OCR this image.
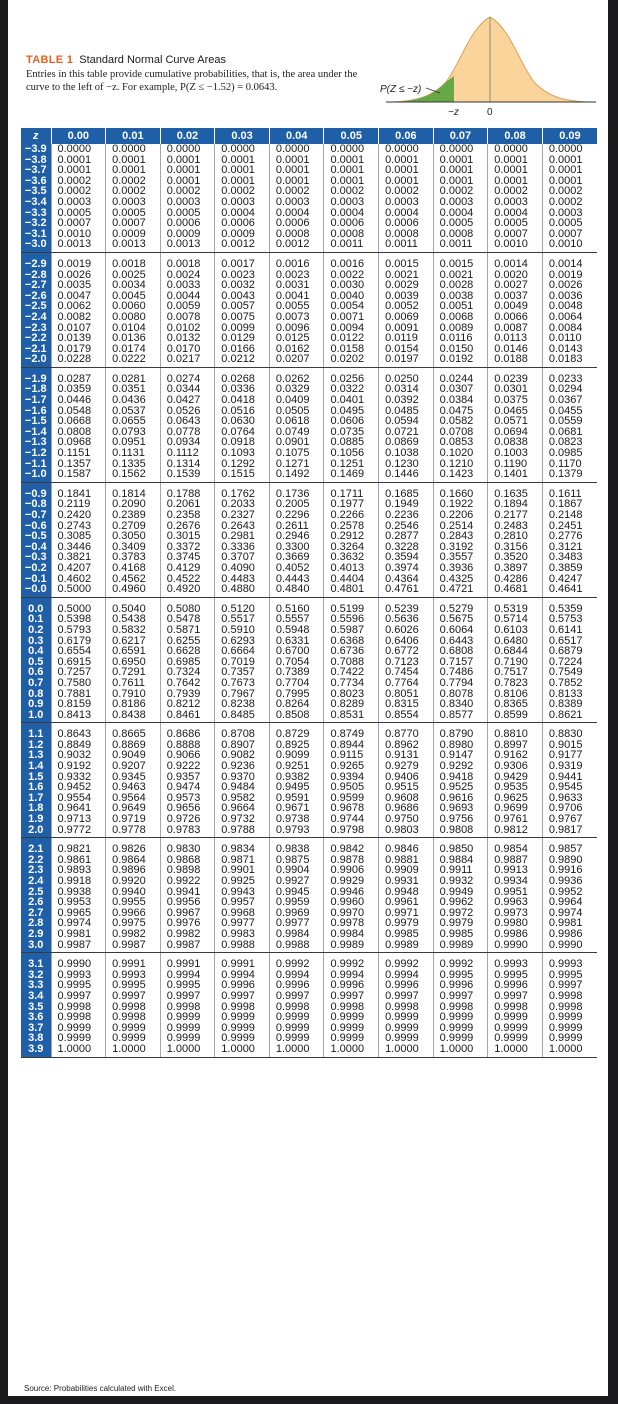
TABLE 1 Standard Normal Curve Areas
Entries in this table provide cumulative probabilities, that is, the area under the curve to the left of −z. For example, P(Z ≤ −1.52) = 0.0643.	P(Z ≤ −z)
−z	0
z	0.00	0.01	0.02	0.03	0.04	0.05	0.06	0.07	0.08	0.09
−3.9	0.0000	0.0000	0.0000	0.0000	0.0000	0.0000	0.0000	0.0000	0.0000	0.0000
−3.8	0.0001	0.0001	0.0001	0.0001	0.0001	0.0001	0.0001	0.0001	0.0001	0.0001
−3.7	0.0001	0.0001	0.0001	0.0001	0.0001	0.0001	0.0001	0.0001	0.0001	0.0001
−3.6	0.0002	0.0002	0.0001	0.0001	0.0001	0.0001	0.0001	0.0001	0.0001	0.0001
−3.5	0.0002	0.0002	0.0002	0.0002	0.0002	0.0002	0.0002	0.0002	0.0002	0.0002
−3.4	0.0003	0.0003	0.0003	0.0003	0.0003	0.0003	0.0003	0.0003	0.0003	0.0002
−3.3	0.0005	0.0005	0.0005	0.0004	0.0004	0.0004	0.0004	0.0004	0.0004	0.0003
−3.2	0.0007	0.0007	0.0006	0.0006	0.0006	0.0006	0.0006	0.0005	0.0005	0.0005
−3.1	0.0010	0.0009	0.0009	0.0009	0.0008	0.0008	0.0008	0.0008	0.0007	0.0007
−3.0	0.0013	0.0013	0.0013	0.0012	0.0012	0.0011	0.0011	0.0011	0.0010	0.0010
−2.9	0.0019	0.0018	0.0018	0.0017	0.0016	0.0016	0.0015	0.0015	0.0014	0.0014
−2.8	0.0026	0.0025	0.0024	0.0023	0.0023	0.0022	0.0021	0.0021	0.0020	0.0019
−2.7	0.0035	0.0034	0.0033	0.0032	0.0031	0.0030	0.0029	0.0028	0.0027	0.0026
−2.6	0.0047	0.0045	0.0044	0.0043	0.0041	0.0040	0.0039	0.0038	0.0037	0.0036
−2.5	0.0062	0.0060	0.0059	0.0057	0.0055	0.0054	0.0052	0.0051	0.0049	0.0048
−2.4	0.0082	0.0080	0.0078	0.0075	0.0073	0.0071	0.0069	0.0068	0.0066	0.0064
−2.3	0.0107	0.0104	0.0102	0.0099	0.0096	0.0094	0.0091	0.0089	0.0087	0.0084
−2.2	0.0139	0.0136	0.0132	0.0129	0.0125	0.0122	0.0119	0.0116	0.0113	0.0110
−2.1	0.0179	0.0174	0.0170	0.0166	0.0162	0.0158	0.0154	0.0150	0.0146	0.0143
−2.0	0.0228	0.0222	0.0217	0.0212	0.0207	0.0202	0.0197	0.0192	0.0188	0.0183
−1.9	0.0287	0.0281	0.0274	0.0268	0.0262	0.0256	0.0250	0.0244	0.0239	0.0233
−1.8	0.0359	0.0351	0.0344	0.0336	0.0329	0.0322	0.0314	0.0307	0.0301	0.0294
−1.7	0.0446	0.0436	0.0427	0.0418	0.0409	0.0401	0.0392	0.0384	0.0375	0.0367
−1.6	0.0548	0.0537	0.0526	0.0516	0.0505	0.0495	0.0485	0.0475	0.0465	0.0455
−1.5	0.0668	0.0655	0.0643	0.0630	0.0618	0.0606	0.0594	0.0582	0.0571	0.0559
−1.4	0.0808	0.0793	0.0778	0.0764	0.0749	0.0735	0.0721	0.0708	0.0694	0.0681
−1.3	0.0968	0.0951	0.0934	0.0918	0.0901	0.0885	0.0869	0.0853	0.0838	0.0823
−1.2	0.1151	0.1131	0.1112	0.1093	0.1075	0.1056	0.1038	0.1020	0.1003	0.0985
−1.1	0.1357	0.1335	0.1314	0.1292	0.1271	0.1251	0.1230	0.1210	0.1190	0.1170
−1.0	0.1587	0.1562	0.1539	0.1515	0.1492	0.1469	0.1446	0.1423	0.1401	0.1379
−0.9	0.1841	0.1814	0.1788	0.1762	0.1736	0.1711	0.1685	0.1660	0.1635	0.1611
−0.8	0.2119	0.2090	0.2061	0.2033	0.2005	0.1977	0.1949	0.1922	0.1894	0.1867
−0.7	0.2420	0.2389	0.2358	0.2327	0.2296	0.2266	0.2236	0.2206	0.2177	0.2148
−0.6	0.2743	0.2709	0.2676	0.2643	0.2611	0.2578	0.2546	0.2514	0.2483	0.2451
−0.5	0.3085	0.3050	0.3015	0.2981	0.2946	0.2912	0.2877	0.2843	0.2810	0.2776
−0.4	0.3446	0.3409	0.3372	0.3336	0.3300	0.3264	0.3228	0.3192	0.3156	0.3121
−0.3	0.3821	0.3783	0.3745	0.3707	0.3669	0.3632	0.3594	0.3557	0.3520	0.3483
−0.2	0.4207	0.4168	0.4129	0.4090	0.4052	0.4013	0.3974	0.3936	0.3897	0.3859
−0.1	0.4602	0.4562	0.4522	0.4483	0.4443	0.4404	0.4364	0.4325	0.4286	0.4247
−0.0	0.5000	0.4960	0.4920	0.4880	0.4840	0.4801	0.4761	0.4721	0.4681	0.4641
0.0	0.5000	0.5040	0.5080	0.5120	0.5160	0.5199	0.5239	0.5279	0.5319	0.5359
0.1	0.5398	0.5438	0.5478	0.5517	0.5557	0.5596	0.5636	0.5675	0.5714	0.5753
0.2	0.5793	0.5832	0.5871	0.5910	0.5948	0.5987	0.6026	0.6064	0.6103	0.6141
0.3	0.6179	0.6217	0.6255	0.6293	0.6331	0.6368	0.6406	0.6443	0.6480	0.6517
0.4	0.6554	0.6591	0.6628	0.6664	0.6700	0.6736	0.6772	0.6808	0.6844	0.6879
0.5	0.6915	0.6950	0.6985	0.7019	0.7054	0.7088	0.7123	0.7157	0.7190	0.7224
0.6	0.7257	0.7291	0.7324	0.7357	0.7389	0.7422	0.7454	0.7486	0.7517	0.7549
0.7	0.7580	0.7611	0.7642	0.7673	0.7704	0.7734	0.7764	0.7794	0.7823	0.7852
0.8	0.7881	0.7910	0.7939	0.7967	0.7995	0.8023	0.8051	0.8078	0.8106	0.8133
0.9	0.8159	0.8186	0.8212	0.8238	0.8264	0.8289	0.8315	0.8340	0.8365	0.8389
1.0	0.8413	0.8438	0.8461	0.8485	0.8508	0.8531	0.8554	0.8577	0.8599	0.8621
1.1	0.8643	0.8665	0.8686	0.8708	0.8729	0.8749	0.8770	0.8790	0.8810	0.8830
1.2	0.8849	0.8869	0.8888	0.8907	0.8925	0.8944	0.8962	0.8980	0.8997	0.9015
1.3	0.9032	0.9049	0.9066	0.9082	0.9099	0.9115	0.9131	0.9147	0.9162	0.9177
1.4	0.9192	0.9207	0.9222	0.9236	0.9251	0.9265	0.9279	0.9292	0.9306	0.9319
1.5	0.9332	0.9345	0.9357	0.9370	0.9382	0.9394	0.9406	0.9418	0.9429	0.9441
1.6	0.9452	0.9463	0.9474	0.9484	0.9495	0.9505	0.9515	0.9525	0.9535	0.9545
1.7	0.9554	0.9564	0.9573	0.9582	0.9591	0.9599	0.9608	0.9616	0.9625	0.9633
1.8	0.9641	0.9649	0.9656	0.9664	0.9671	0.9678	0.9686	0.9693	0.9699	0.9706
1.9	0.9713	0.9719	0.9726	0.9732	0.9738	0.9744	0.9750	0.9756	0.9761	0.9767
2.0	0.9772	0.9778	0.9783	0.9788	0.9793	0.9798	0.9803	0.9808	0.9812	0.9817
2.1	0.9821	0.9826	0.9830	0.9834	0.9838	0.9842	0.9846	0.9850	0.9854	0.9857
2.2	0.9861	0.9864	0.9868	0.9871	0.9875	0.9878	0.9881	0.9884	0.9887	0.9890
2.3	0.9893	0.9896	0.9898	0.9901	0.9904	0.9906	0.9909	0.9911	0.9913	0.9916
2.4	0.9918	0.9920	0.9922	0.9925	0.9927	0.9929	0.9931	0.9932	0.9934	0.9936
2.5	0.9938	0.9940	0.9941	0.9943	0.9945	0.9946	0.9948	0.9949	0.9951	0.9952
2.6	0.9953	0.9955	0.9956	0.9957	0.9959	0.9960	0.9961	0.9962	0.9963	0.9964
2.7	0.9965	0.9966	0.9967	0.9968	0.9969	0.9970	0.9971	0.9972	0.9973	0.9974
2.8	0.9974	0.9975	0.9976	0.9977	0.9977	0.9978	0.9979	0.9979	0.9980	0.9981
2.9	0.9981	0.9982	0.9982	0.9983	0.9984	0.9984	0.9985	0.9985	0.9986	0.9986
3.0	0.9987	0.9987	0.9987	0.9988	0.9988	0.9989	0.9989	0.9989	0.9990	0.9990
3.1	0.9990	0.9991	0.9991	0.9991	0.9992	0.9992	0.9992	0.9992	0.9993	0.9993
3.2	0.9993	0.9993	0.9994	0.9994	0.9994	0.9994	0.9994	0.9995	0.9995	0.9995
3.3	0.9995	0.9995	0.9995	0.9996	0.9996	0.9996	0.9996	0.9996	0.9996	0.9997
3.4	0.9997	0.9997	0.9997	0.9997	0.9997	0.9997	0.9997	0.9997	0.9997	0.9998
3.5	0.9998	0.9998	0.9998	0.9998	0.9998	0.9998	0.9998	0.9998	0.9998	0.9998
3.6	0.9998	0.9998	0.9999	0.9999	0.9999	0.9999	0.9999	0.9999	0.9999	0.9999
3.7	0.9999	0.9999	0.9999	0.9999	0.9999	0.9999	0.9999	0.9999	0.9999	0.9999
3.8	0.9999	0.9999	0.9999	0.9999	0.9999	0.9999	0.9999	0.9999	0.9999	0.9999
3.9	1.0000	1.0000	1.0000	1.0000	1.0000	1.0000	1.0000	1.0000	1.0000	1.0000
Source: Probabilities calculated with Excel.
